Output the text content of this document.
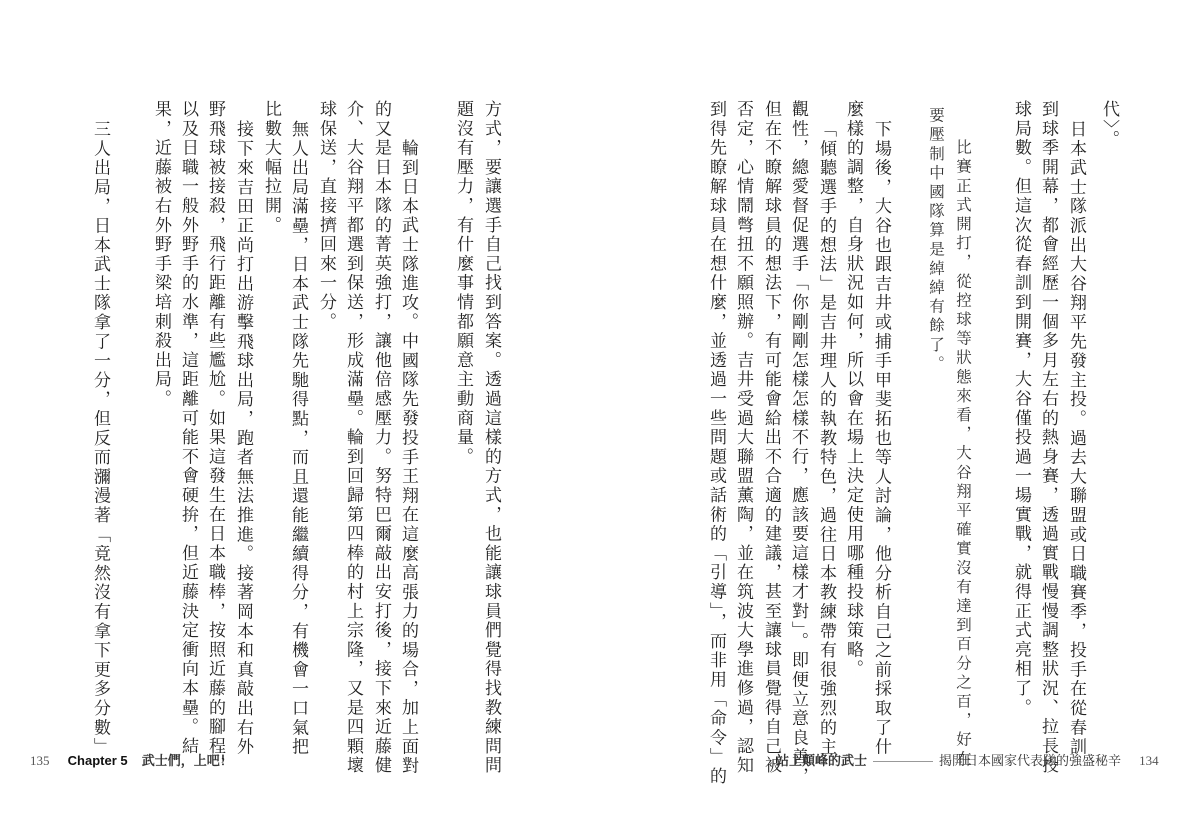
方式，要讓選手自己找到答案。透過這樣的方式，也能讓球員們覺得找教練問問
題沒有壓力，有什麼事情都願意主動商量。
輪到日本武士隊進攻。中國隊先發投手王翔在這麼高張力的場合，加上面對
的又是日本隊的菁英強打，讓他倍感壓力。努特巴爾敲出安打後，接下來近藤健
介、大谷翔平都選到保送，形成滿壘。輪到回歸第四棒的村上宗隆，又是四顆壞
球保送，直接擠回來一分。
無人出局滿壘，日本武士隊先馳得點，而且還能繼續得分，有機會一口氣把
比數大幅拉開。
接下來吉田正尚打出游擊飛球出局，跑者無法推進。接著岡本和真敲出右外
野飛球被接殺，飛行距離有些尷尬。如果這發生在日本職棒，按照近藤的腳程，
以及日職一般外野手的水準，這距離可能不會硬拚，但近藤決定衝向本壘。結
果，近藤被右外野手梁培刺殺出局。
三人出局，日本武士隊拿了一分，但反而瀰漫著「竟然沒有拿下更多分數」
135 Chapter 5 武士們，上吧！
代〉。
日本武士隊派出大谷翔平先發主投。過去大聯盟或日職賽季，投手在從春訓
到球季開幕，都會經歷一個多月左右的熱身賽，透過實戰慢慢調整狀況、拉長投
球局數。但這次從春訓到開賽，大谷僅投過一場實戰，就得正式亮相了。
比賽正式開打，從控球等狀態來看，大谷翔平確實沒有達到百分之百，好在
要壓制中國隊算是綽綽有餘了。
下場後，大谷也跟吉井或捕手甲斐拓也等人討論，他分析自己之前採取了什
麼樣的調整，自身狀況如何，所以會在場上決定使用哪種投球策略。
「傾聽選手的想法」是吉井理人的執教特色，過往日本教練帶有很強烈的主
觀性，總愛督促選手「你剛剛怎樣怎樣不行，應該要這樣才對」。即便立意良善，
但在不瞭解球員的想法下，有可能會給出不合適的建議，甚至讓球員覺得自己被
否定，心情鬧彆扭不願照辦。吉井受過大聯盟薰陶，並在筑波大學進修過，認知
到得先瞭解球員在想什麼，並透過一些問題或話術的「引導」，而非用「命令」的	站上顛峰的武士	揭開日本國家代表隊的強盛秘辛 134
